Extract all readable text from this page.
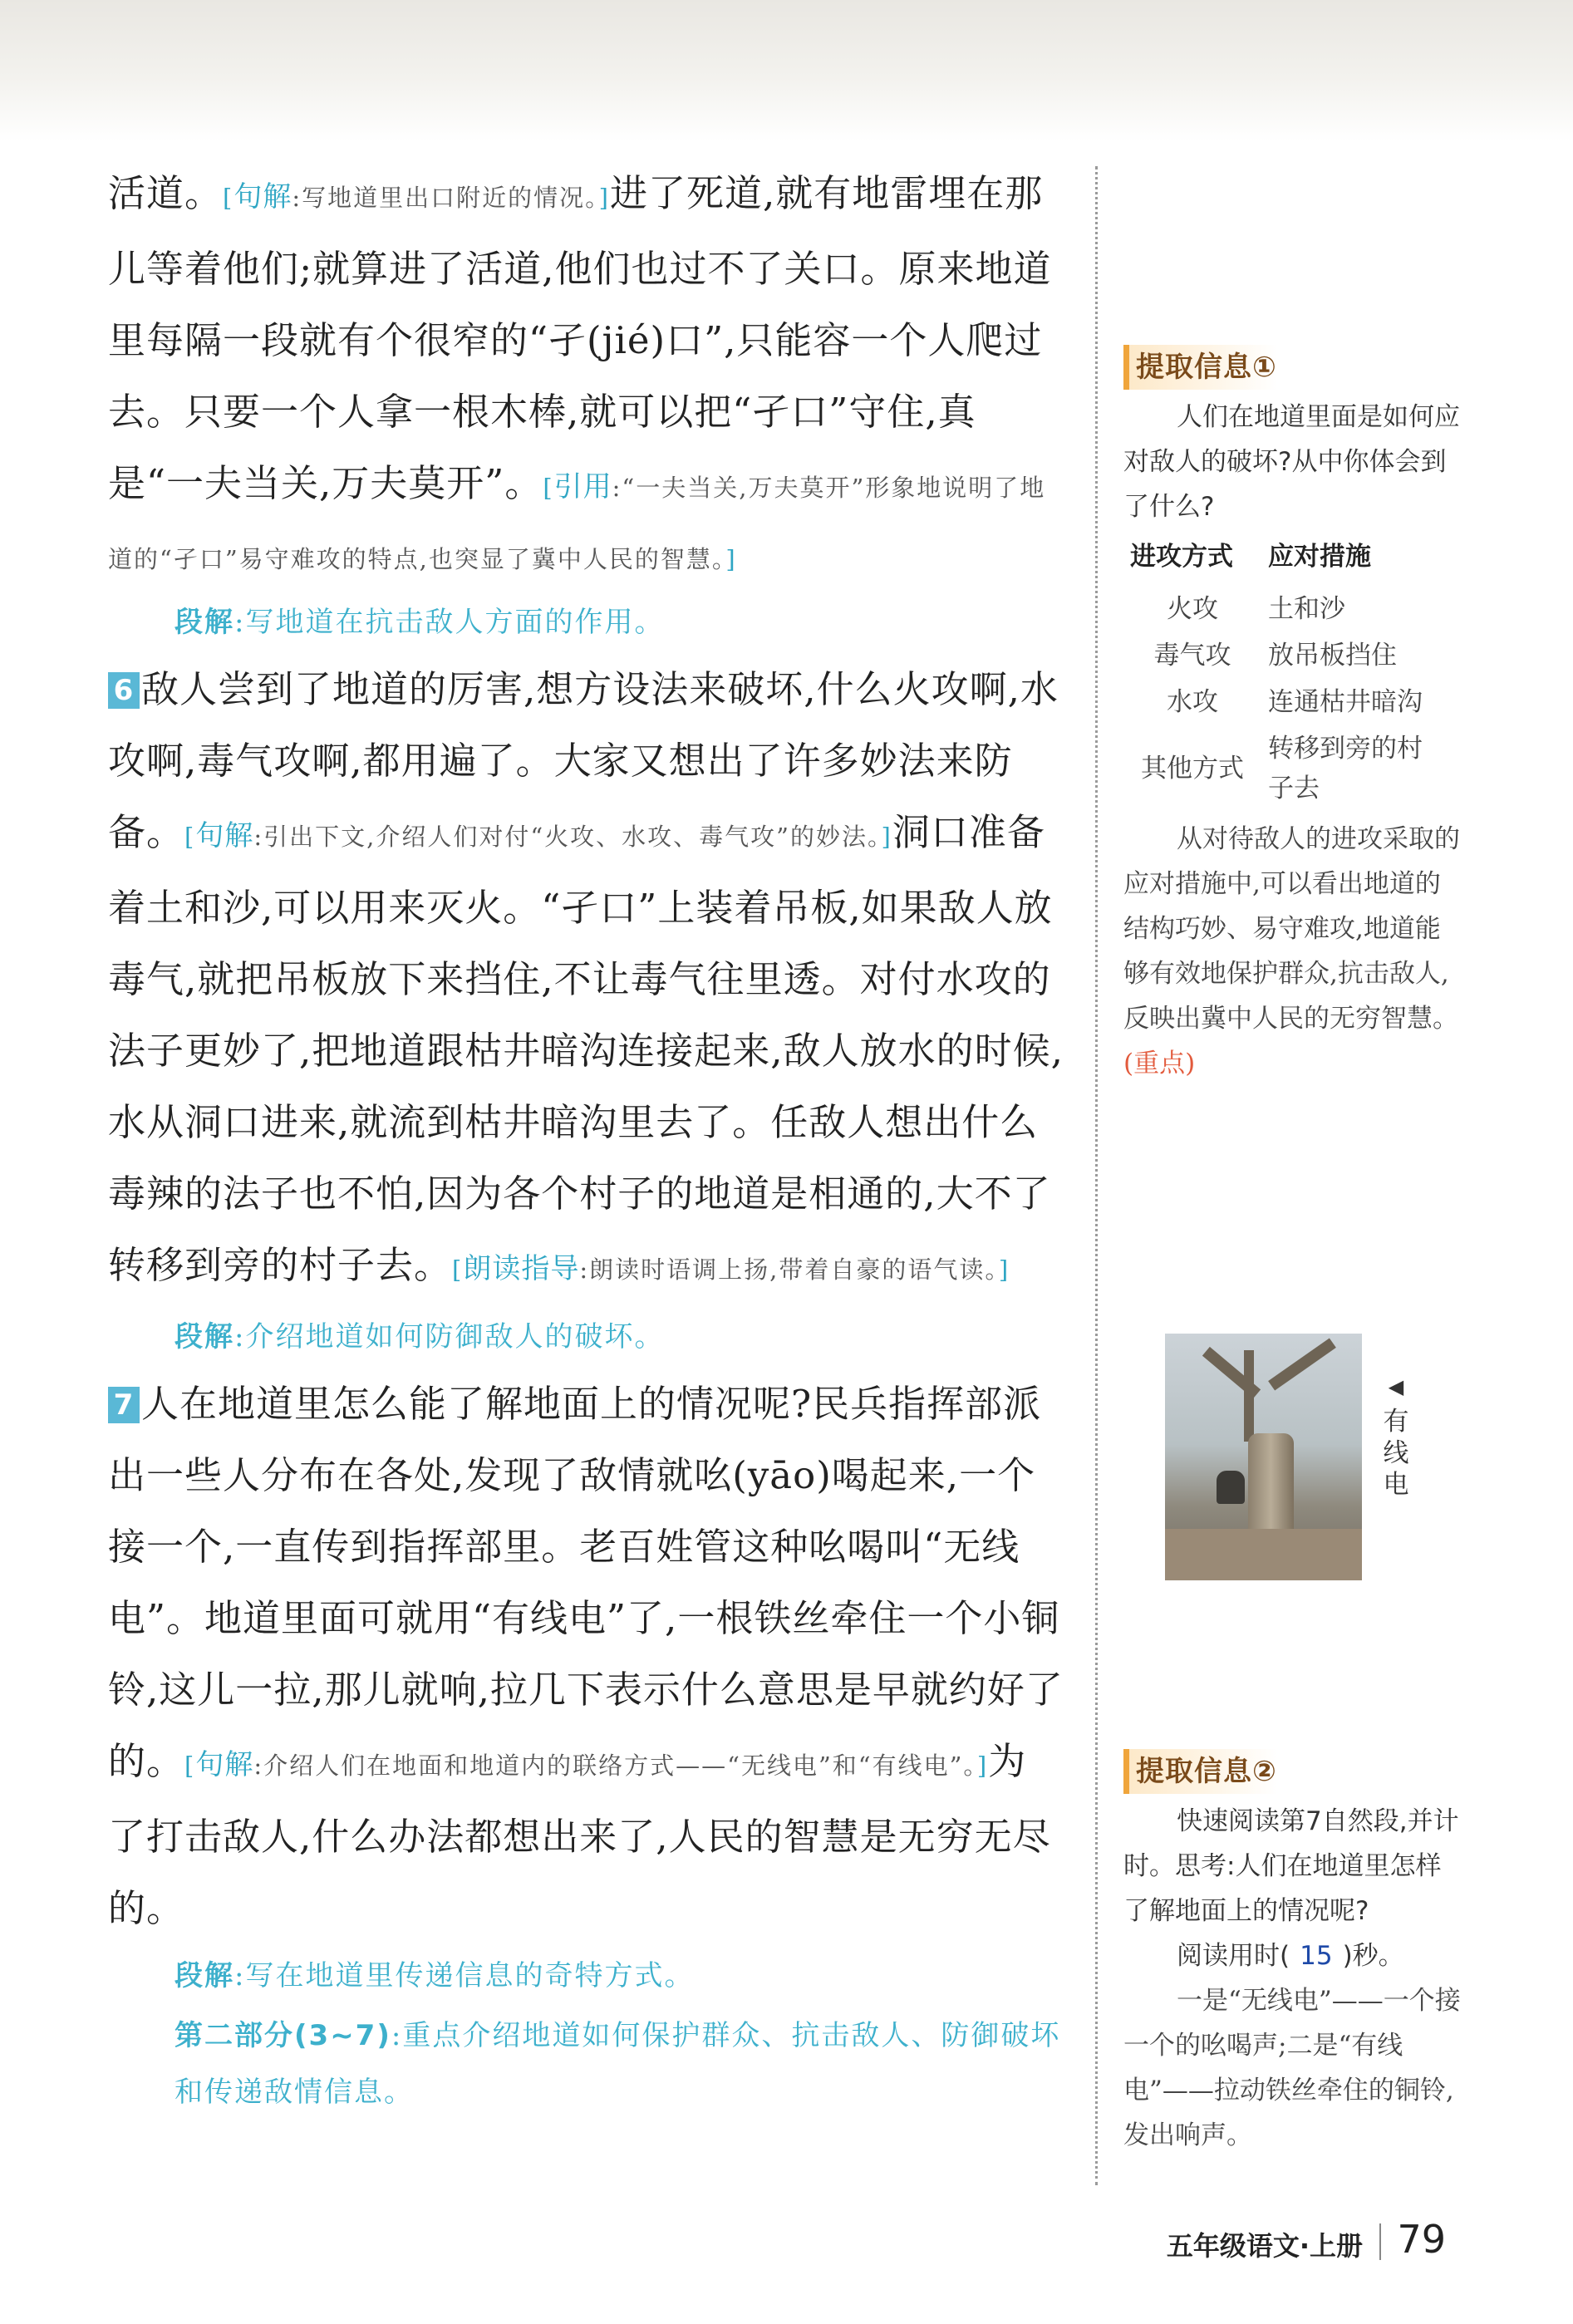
活道。[句解:写地道里出口附近的情况。]进了死道,就有地雷埋在那儿等着他们;就算进了活道,他们也过不了关口。原来地道里每隔一段就有个很窄的“孑(jié)口”,只能容一个人爬过去。只要一个人拿一根木棒,就可以把“孑口”守住,真是“一夫当关,万夫莫开”。[引用:“一夫当关,万夫莫开”形象地说明了地道的“孑口”易守难攻的特点,也突显了冀中人民的智慧。]

段解:写地道在抗击敌人方面的作用。

6 敌人尝到了地道的厉害,想方设法来破坏,什么火攻啊,水攻啊,毒气攻啊,都用遍了。大家又想出了许多妙法来防备。[句解:引出下文,介绍人们对付“火攻、水攻、毒气攻”的妙法。]洞口准备着土和沙,可以用来灭火。“孑口”上装着吊板,如果敌人放毒气,就把吊板放下来挡住,不让毒气往里透。对付水攻的法子更妙了,把地道跟枯井暗沟连接起来,敌人放水的时候,水从洞口进来,就流到枯井暗沟里去了。任敌人想出什么毒辣的法子也不怕,因为各个村子的地道是相通的,大不了转移到旁的村子去。[朗读指导:朗读时语调上扬,带着自豪的语气读。]

段解:介绍地道如何防御敌人的破坏。

7 人在地道里怎么能了解地面上的情况呢?民兵指挥部派出一些人分布在各处,发现了敌情就吆(yāo)喝起来,一个接一个,一直传到指挥部里。老百姓管这种吆喝叫“无线电”。地道里面可就用“有线电”了,一根铁丝牵住一个小铜铃,这儿一拉,那儿就响,拉几下表示什么意思是早就约好了的。[句解:介绍人们在地面和地道内的联络方式——“无线电”和“有线电”。]为了打击敌人,什么办法都想出来了,人民的智慧是无穷无尽的。

段解:写在地道里传递信息的奇特方式。
第二部分(3~7):重点介绍地道如何保护群众、抗击敌人、防御破坏和传递敌情信息。
提取信息①
人们在地道里面是如何应对敌人的破坏?从中你体会到了什么?
进攻方式	应对措施
火攻	土和沙
毒气攻	放吊板挡住
水攻	连通枯井暗沟
其他方式	转移到旁的村子去
从对待敌人的进攻采取的应对措施中,可以看出地道的结构巧妙、易守难攻,地道能够有效地保护群众,抗击敌人,反映出冀中人民的无穷智慧。(重点)
◀
有线电
提取信息②
快速阅读第7自然段,并计时。思考:人们在地道里怎样了解地面上的情况呢?
阅读用时( 15 )秒。
一是“无线电”——一个接一个的吆喝声;二是“有线电”——拉动铁丝牵住的铜铃,发出响声。
五年级语文·上册 79
